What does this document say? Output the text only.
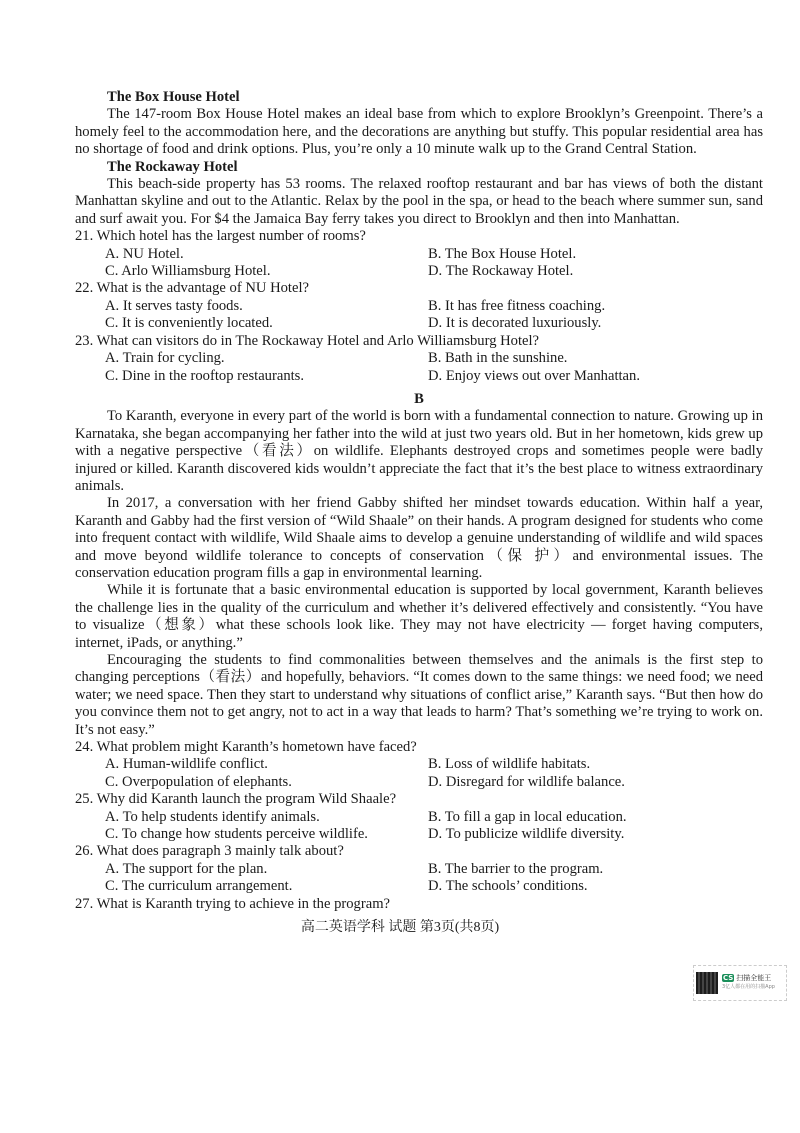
The Box House Hotel

The 147-room Box House Hotel makes an ideal base from which to explore Brooklyn’s Greenpoint. There’s a homely feel to the accommodation here, and the decorations are anything but stuffy. This popular residential area has no shortage of food and drink options. Plus, you’re only a 10 minute walk up to the Grand Central Station.

The Rockaway Hotel

This beach-side property has 53 rooms. The relaxed rooftop restaurant and bar has views of both the distant Manhattan skyline and out to the Atlantic. Relax by the pool in the spa, or head to the beach where summer sun, sand and surf await you. For $4 the Jamaica Bay ferry takes you direct to Brooklyn and then into Manhattan.

21. Which hotel has the largest number of rooms?

A. NU Hotel.	B. The Box House Hotel.
C. Arlo Williamsburg Hotel.	D. The Rockaway Hotel.

22. What is the advantage of NU Hotel?

A. It serves tasty foods.	B. It has free fitness coaching.
C. It is conveniently located.	D. It is decorated luxuriously.

23. What can visitors do in The Rockaway Hotel and Arlo Williamsburg Hotel?

A. Train for cycling.	B. Bath in the sunshine.
C. Dine in the rooftop restaurants.	D. Enjoy views out over Manhattan.
B

To Karanth, everyone in every part of the world is born with a fundamental connection to nature. Growing up in Karnataka, she began accompanying her father into the wild at just two years old. But in her hometown, kids grew up with a negative perspective（看法）on wildlife. Elephants destroyed crops and sometimes people were badly injured or killed. Karanth discovered kids wouldn’t appreciate the fact that it’s the best place to witness extraordinary animals.

In 2017, a conversation with her friend Gabby shifted her mindset towards education. Within half a year, Karanth and Gabby had the first version of “Wild Shaale” on their hands. A program designed for students who come into frequent contact with wildlife, Wild Shaale aims to develop a genuine understanding of wildlife and wild spaces and move beyond wildlife tolerance to concepts of conservation（保 护）and environmental issues. The conservation education program fills a gap in environmental learning.

While it is fortunate that a basic environmental education is supported by local government, Karanth believes the challenge lies in the quality of the curriculum and whether it’s delivered effectively and consistently. “You have to visualize（想象）what these schools look like. They may not have electricity — forget having computers, internet, iPads, or anything.”

Encouraging the students to find commonalities between themselves and the animals is the first step to changing perceptions（看法）and hopefully, behaviors. “It comes down to the same things: we need food; we need water; we need space. Then they start to understand why situations of conflict arise,” Karanth says. “But then how do you convince them not to get angry, not to act in a way that leads to harm? That’s something we’re trying to work on. It’s not easy.”

24. What problem might Karanth’s hometown have faced?

A. Human-wildlife conflict.	B. Loss of wildlife habitats.
C. Overpopulation of elephants.	D. Disregard for wildlife balance.

25. Why did Karanth launch the program Wild Shaale?

A. To help students identify animals.	B. To fill a gap in local education.
C. To change how students perceive wildlife.	D. To publicize wildlife diversity.

26. What does paragraph 3 mainly talk about?

A. The support for the plan.	B. The barrier to the program.
C. The curriculum arrangement.	D. The schools’ conditions.

27. What is Karanth trying to achieve in the program?

高二英语学科 试题 第3页(共8页)
CS 扫描全能王
3亿人都在用的扫描App
